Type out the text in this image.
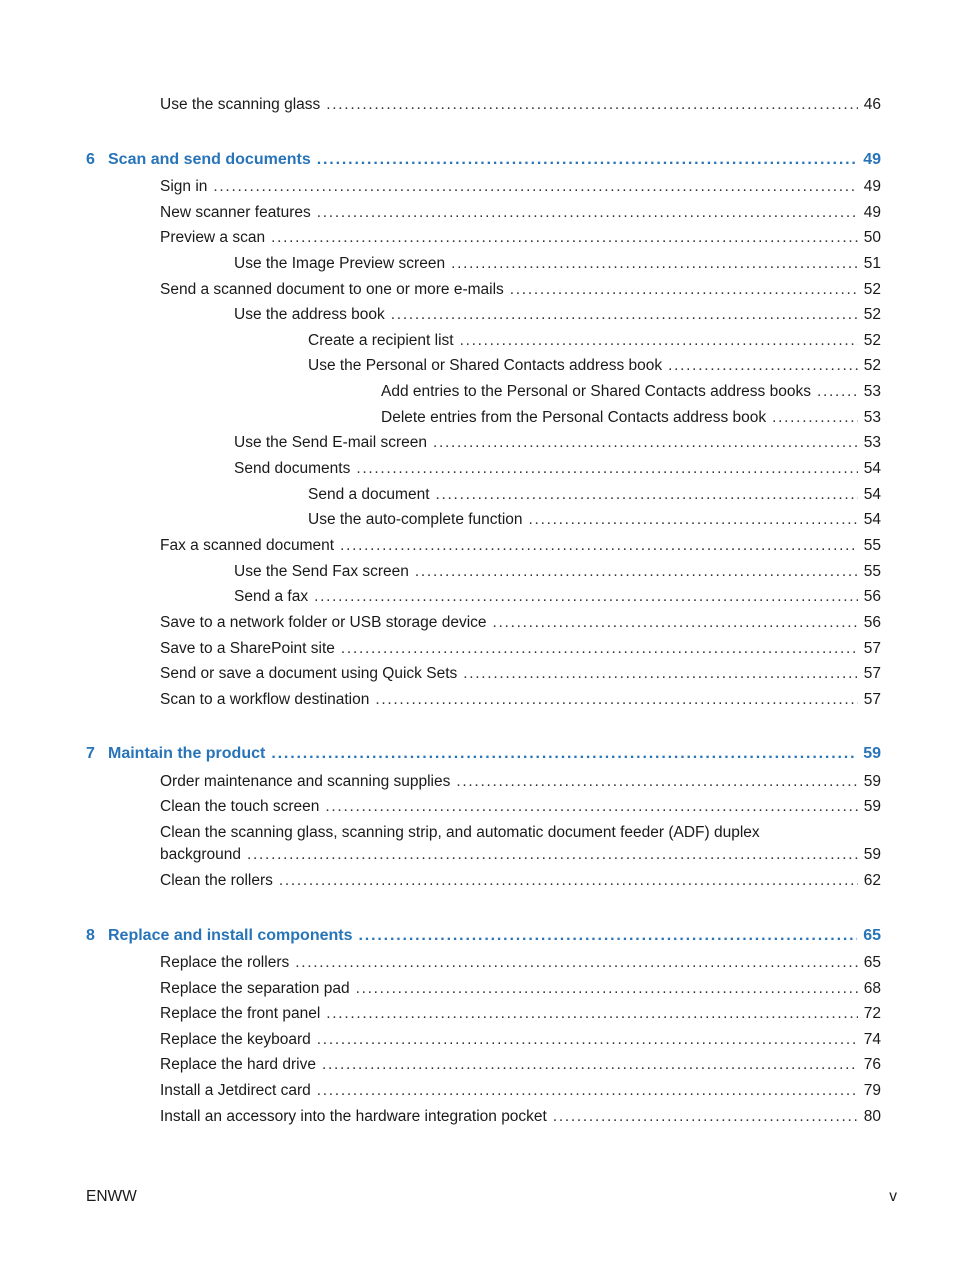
Use the scanning glass . . .	46
6 Scan and send documents . . .	49
Sign in . . .	49
New scanner features . . .	49
Preview a scan . . .	50
Use the Image Preview screen . . .	51
Send a scanned document to one or more e-mails . . .	52
Use the address book . . .	52
Create a recipient list . . .	52
Use the Personal or Shared Contacts address book . . .	52
Add entries to the Personal or Shared Contacts address books . . .	53
Delete entries from the Personal Contacts address book . . .	53
Use the Send E-mail screen . . .	53
Send documents . . .	54
Send a document . . .	54
Use the auto-complete function . . .	54
Fax a scanned document . . .	55
Use the Send Fax screen . . .	55
Send a fax . . .	56
Save to a network folder or USB storage device . . .	56
Save to a SharePoint site . . .	57
Send or save a document using Quick Sets . . .	57
Scan to a workflow destination . . .	57
7 Maintain the product . . .	59
Order maintenance and scanning supplies . . .	59
Clean the touch screen . . .	59
Clean the scanning glass, scanning strip, and automatic document feeder (ADF) duplex
background . . .	59
Clean the rollers . . .	62
8 Replace and install components . . .	65
Replace the rollers . . .	65
Replace the separation pad . . .	68
Replace the front panel . . .	72
Replace the keyboard . . .	74
Replace the hard drive . . .	76
Install a Jetdirect card . . .	79
Install an accessory into the hardware integration pocket . . .	80
ENWW	v
